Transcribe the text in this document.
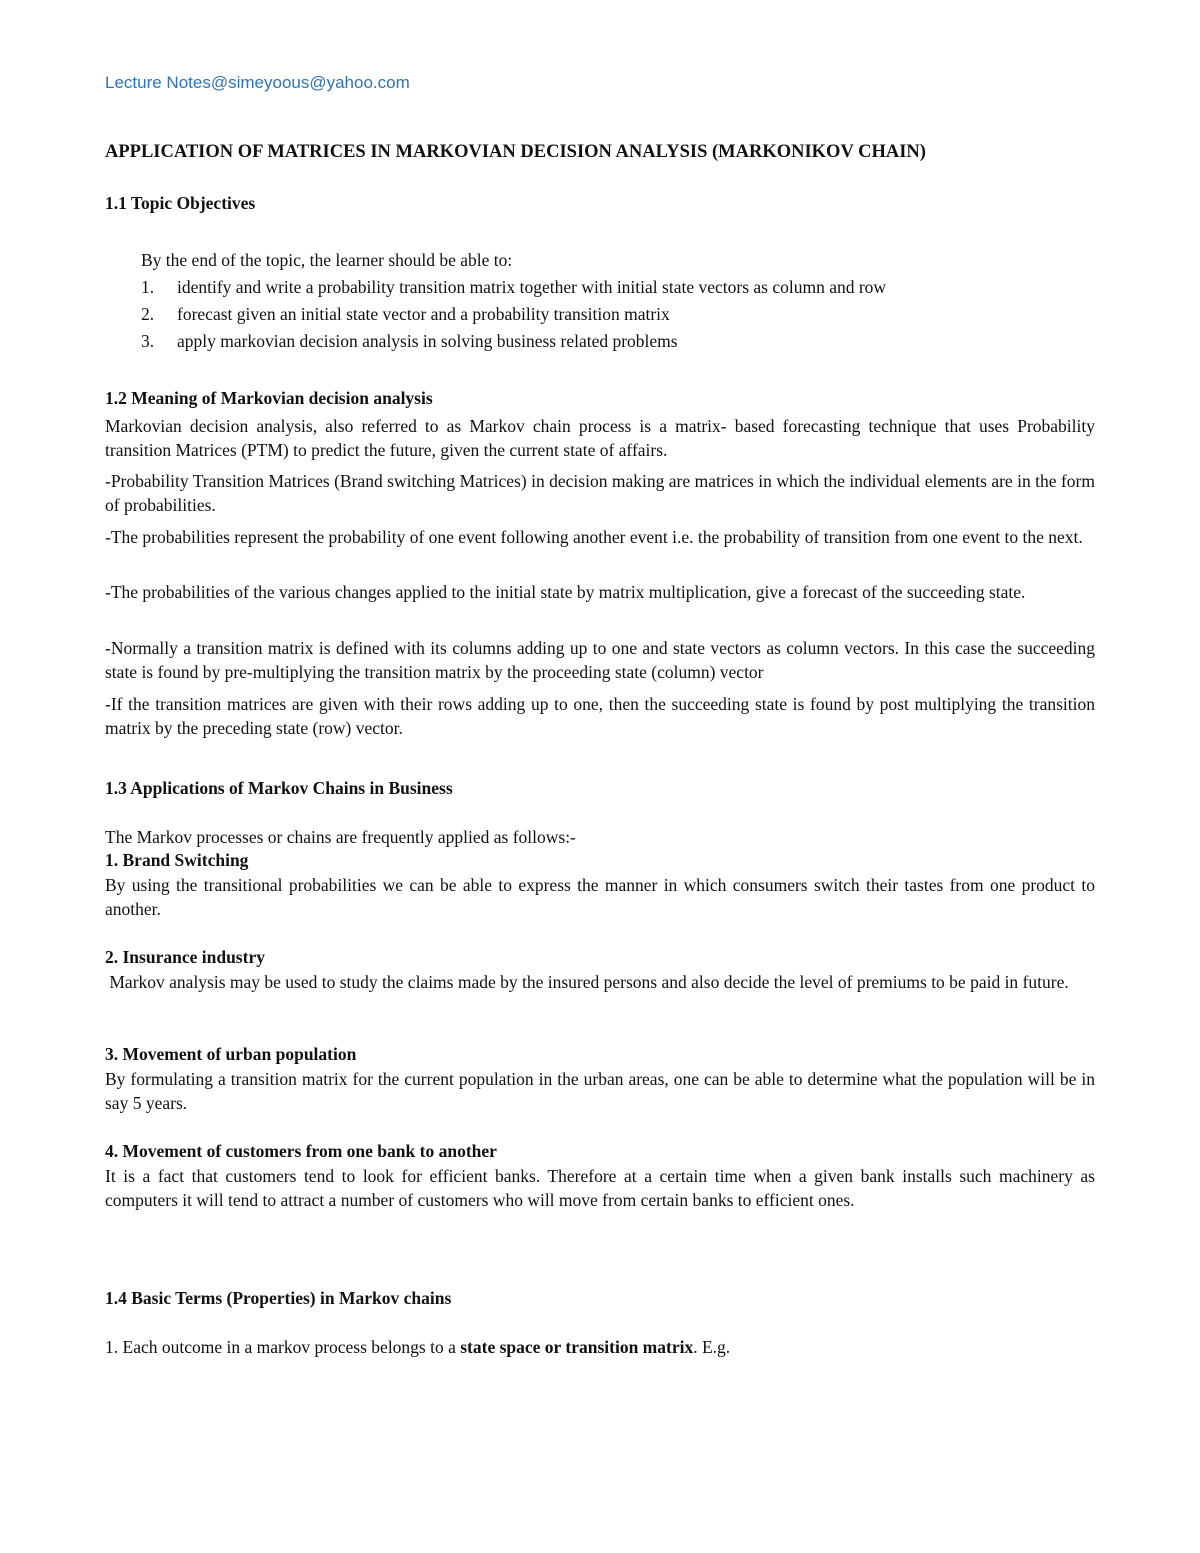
Lecture Notes@simeyoous@yahoo.com
APPLICATION OF MATRICES IN MARKOVIAN DECISION ANALYSIS (MARKONIKOV CHAIN)
1.1 Topic Objectives
By the end of the topic, the learner should be able to:
1. identify and write a probability transition matrix together with initial state vectors as column and row
2. forecast given an initial state vector and a probability transition matrix
3. apply markovian decision analysis in solving business related problems
1.2 Meaning of Markovian decision analysis
Markovian decision analysis, also referred to as Markov chain process is a matrix- based forecasting technique that uses Probability transition Matrices (PTM) to predict the future, given the current state of affairs.
-Probability Transition Matrices (Brand switching Matrices) in decision making are matrices in which the individual elements are in the form of probabilities.
-The probabilities represent the probability of one event following another event i.e. the probability of transition from one event to the next.
-The probabilities of the various changes applied to the initial state by matrix multiplication, give a forecast of the succeeding state.
-Normally a transition matrix is defined with its columns adding up to one and state vectors as column vectors. In this case the succeeding state is found by pre-multiplying the transition matrix by the proceeding state (column) vector
-If the transition matrices are given with their rows adding up to one, then the succeeding state is found by post multiplying the transition matrix by the preceding state (row) vector.
1.3 Applications of Markov Chains in Business
The Markov processes or chains are frequently applied as follows:-
1. Brand Switching
By using the transitional probabilities we can be able to express the manner in which consumers switch their tastes from one product to another.
2. Insurance industry
Markov analysis may be used to study the claims made by the insured persons and also decide the level of premiums to be paid in future.
3. Movement of urban population
By formulating a transition matrix for the current population in the urban areas, one can be able to determine what the population will be in say 5 years.
4. Movement of customers from one bank to another
It is a fact that customers tend to look for efficient banks. Therefore at a certain time when a given bank installs such machinery as computers it will tend to attract a number of customers who will move from certain banks to efficient ones.
1.4 Basic Terms (Properties) in Markov chains
1. Each outcome in a markov process belongs to a state space or transition matrix. E.g.
